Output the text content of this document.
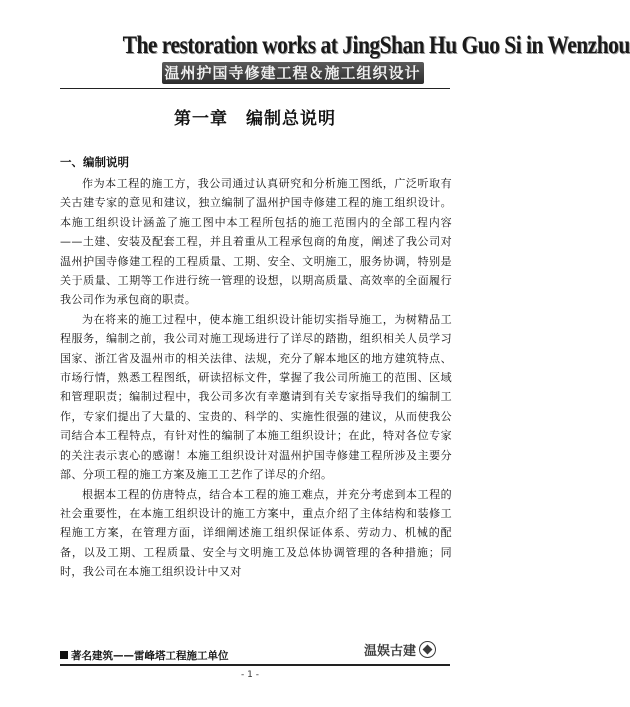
The restoration works at JingShan Hu Guo Si in Wenzhou
温州护国寺修建工程＆施工组织设计
第一章　编制总说明
一、编制说明

作为本工程的施工方，我公司通过认真研究和分析施工图纸，广泛听取有关古建专家的意见和建议，独立编制了温州护国寺修建工程的施工组织设计。本施工组织设计涵盖了施工图中本工程所包括的施工范围内的全部工程内容——土建、安装及配套工程，并且着重从工程承包商的角度，阐述了我公司对温州护国寺修建工程的工程质量、工期、安全、文明施工，服务协调，特别是关于质量、工期等工作进行统一管理的设想，以期高质量、高效率的全面履行我公司作为承包商的职责。

为在将来的施工过程中，使本施工组织设计能切实指导施工，为树精品工程服务，编制之前，我公司对施工现场进行了详尽的踏勘，组织相关人员学习国家、浙江省及温州市的相关法律、法规，充分了解本地区的地方建筑特点、市场行情，熟悉工程图纸，研读招标文件，掌握了我公司所施工的范围、区域和管理职责；编制过程中，我公司多次有幸邀请到有关专家指导我们的编制工作，专家们提出了大量的、宝贵的、科学的、实施性很强的建议，从而使我公司结合本工程特点，有针对性的编制了本施工组织设计；在此，特对各位专家的关注表示衷心的感谢！本施工组织设计对温州护国寺修建工程所涉及主要分部、分项工程的施工方案及施工工艺作了详尽的介绍。

根据本工程的仿唐特点，结合本工程的施工难点，并充分考虑到本工程的社会重要性，在本施工组织设计的施工方案中，重点介绍了主体结构和装修工程施工方案，在管理方面，详细阐述施工组织保证体系、劳动力、机械的配备，以及工期、工程质量、安全与文明施工及总体协调管理的各种措施；同时，我公司在本施工组织设计中又对

著名建筑——雷峰塔工程施工单位	温娱古建
- 1 -
